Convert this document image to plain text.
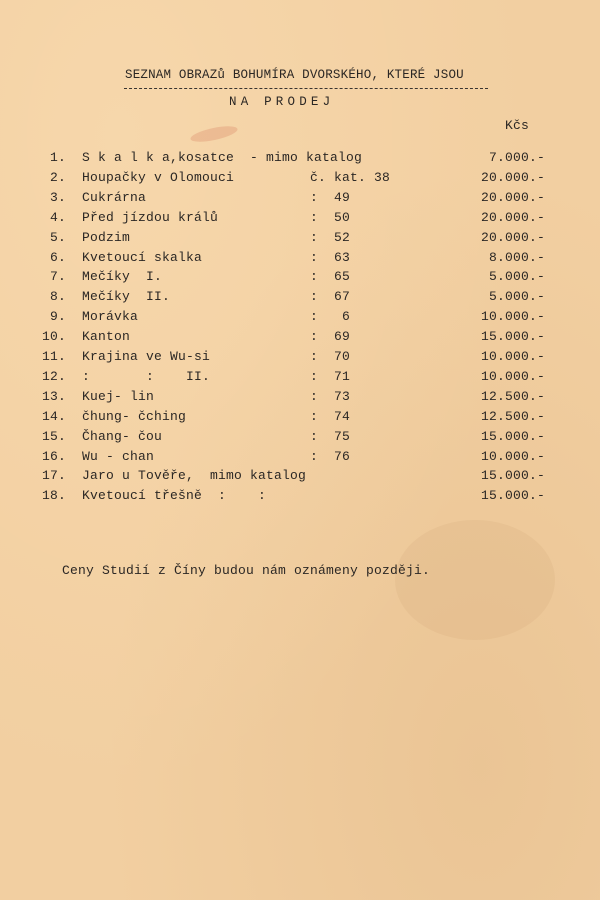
SEZNAM OBRAZů BOHUMÍRA DVORSKÉHO, KTERÉ JSOU
NA PRODEJ
Kčs
1. S k a l k a,kosatce  - mimo katalog	7.000.-
2. Houpačky v Olomouci	č. kat. 38	20.000.-
3. Cukrárna	:  49	20.000.-
4. Před jízdou králů	:  50	20.000.-
5. Podzim	:  52	20.000.-
6. Kvetoucí skalka	:  63	8.000.-
7. Mečíky  I.	:  65	5.000.-
8. Mečíky  II.	:  67	5.000.-
9. Morávka	:   6	10.000.-
10. Kanton	:  69	15.000.-
11. Krajina ve Wu-si	:  70	10.000.-
12. :       :    II.	:  71	10.000.-
13. Kuej- lin	:  73	12.500.-
14. čhung- čching	:  74	12.500.-
15. Čhang- čou	:  75	15.000.-
16. Wu - chan	:  76	10.000.-
17. Jaro u Tověře,  mimo katalog	15.000.-
18. Kvetoucí třešně  :    :	15.000.-
Ceny Studií z Číny budou nám oznámeny později.
